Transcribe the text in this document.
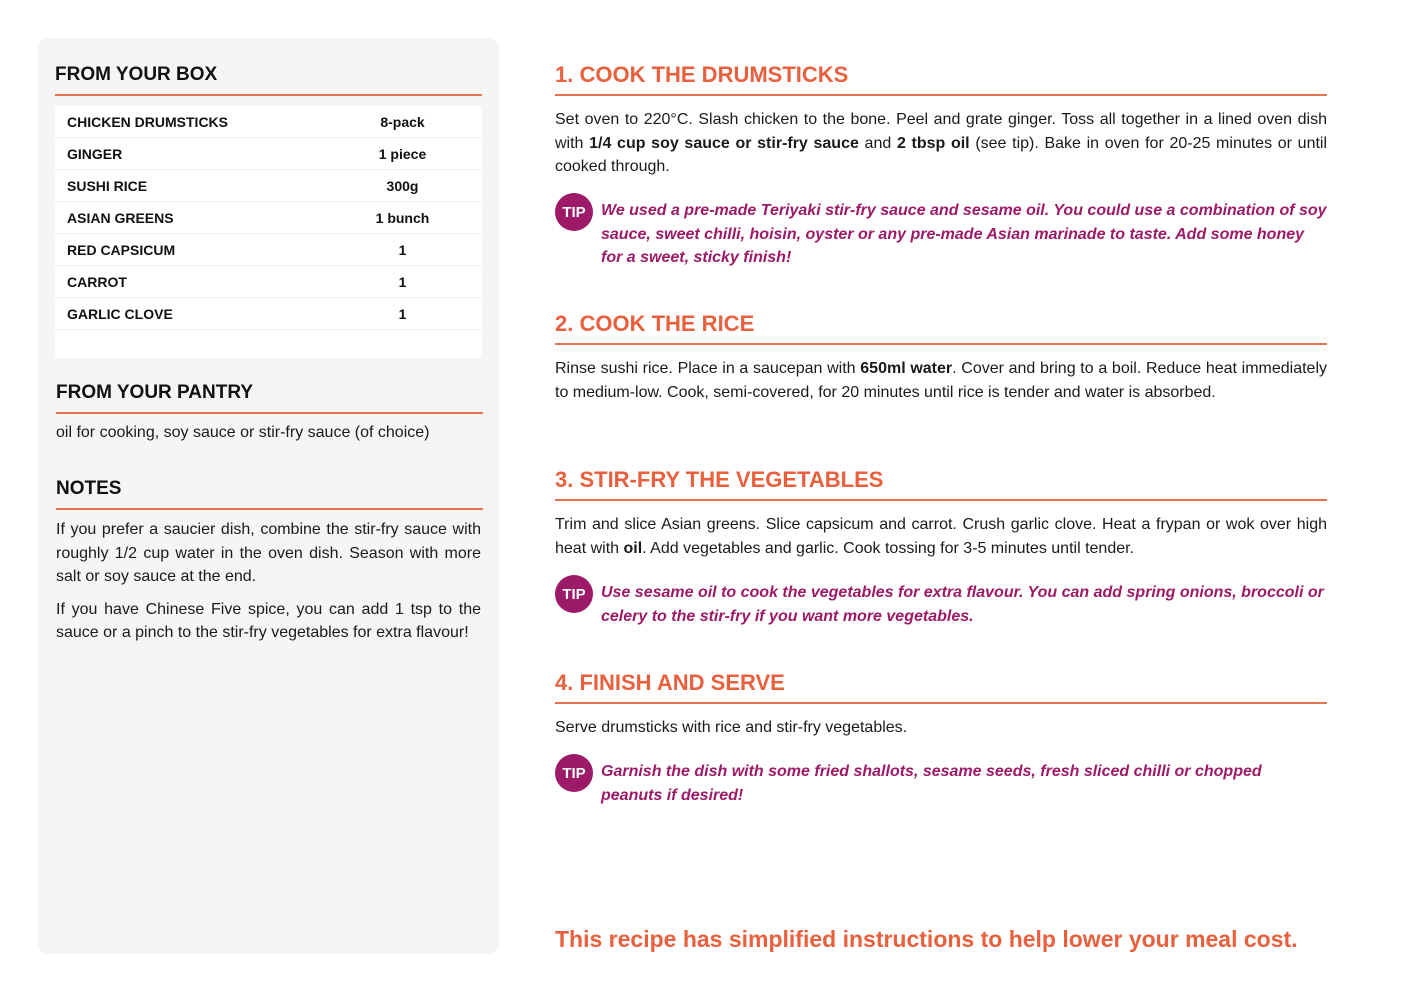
FROM YOUR BOX
CHICKEN DRUMSTICKS	8-pack
GINGER	1 piece
SUSHI RICE	300g
ASIAN GREENS	1 bunch
RED CAPSICUM	1
CARROT	1
GARLIC CLOVE	1
FROM YOUR PANTRY
oil for cooking, soy sauce or stir-fry sauce (of choice)
NOTES

If you prefer a saucier dish, combine the stir-fry sauce with roughly 1/2 cup water in the oven dish. Season with more salt or soy sauce at the end.

If you have Chinese Five spice, you can add 1 tsp to the sauce or a pinch to the stir-fry vegetables for extra flavour!

1. COOK THE DRUMSTICKS

Set oven to 220°C. Slash chicken to the bone. Peel and grate ginger. Toss all together in a lined oven dish with 1/4 cup soy sauce or stir-fry sauce and 2 tbsp oil (see tip). Bake in oven for 20-25 minutes or until cooked through.

TIP We used a pre-made Teriyaki stir-fry sauce and sesame oil. You could use a combination of soy sauce, sweet chilli, hoisin, oyster or any pre-made Asian marinade to taste. Add some honey for a sweet, sticky finish!

2. COOK THE RICE

Rinse sushi rice. Place in a saucepan with 650ml water. Cover and bring to a boil. Reduce heat immediately to medium-low. Cook, semi-covered, for 20 minutes until rice is tender and water is absorbed.

3. STIR-FRY THE VEGETABLES

Trim and slice Asian greens. Slice capsicum and carrot. Crush garlic clove. Heat a frypan or wok over high heat with oil. Add vegetables and garlic. Cook tossing for 3-5 minutes until tender.

TIP Use sesame oil to cook the vegetables for extra flavour. You can add spring onions, broccoli or celery to the stir-fry if you want more vegetables.

4. FINISH AND SERVE

Serve drumsticks with rice and stir-fry vegetables.

TIP Garnish the dish with some fried shallots, sesame seeds, fresh sliced chilli or chopped peanuts if desired!

This recipe has simplified instructions to help lower your meal cost.
